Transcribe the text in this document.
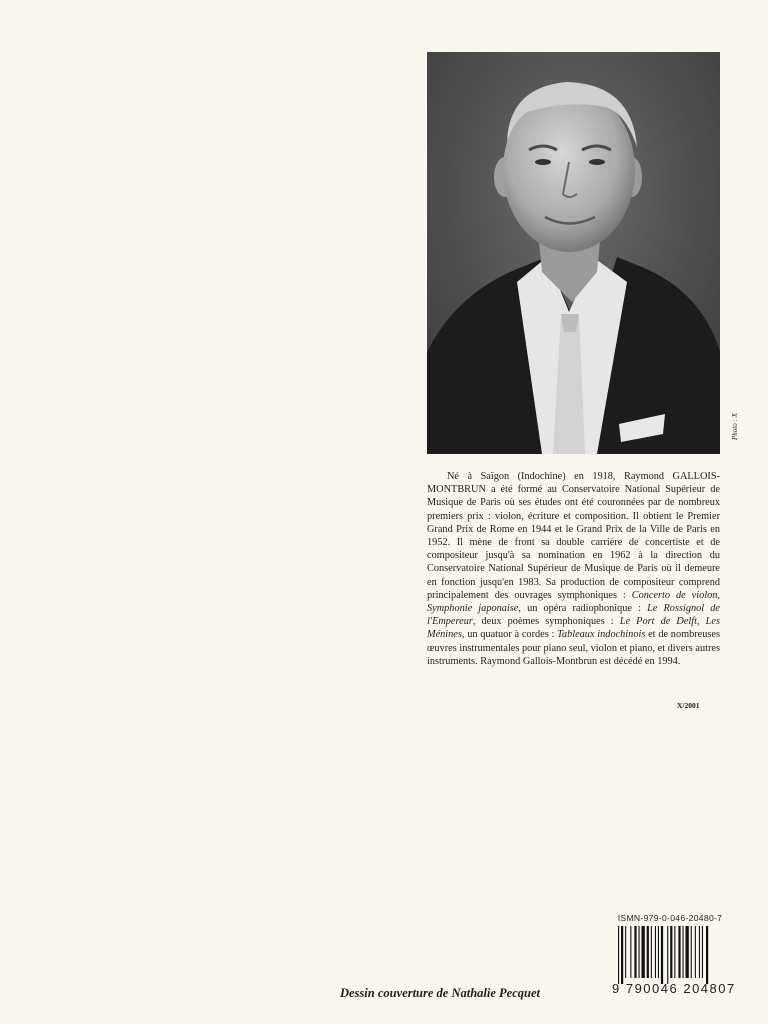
Photo : X

Né à Saïgon (Indochine) en 1918, Raymond GALLOIS-MONTBRUN a été formé au Conservatoire National Supérieur de Musique de Paris où ses études ont été couronnées par de nombreux premiers prix : violon, écriture et composition. Il obtient le Premier Grand Prix de Rome en 1944 et le Grand Prix de la Ville de Paris en 1952. Il mène de front sa double carrière de concertiste et de compositeur jusqu'à sa nomination en 1962 à la direction du Conservatoire National Supérieur de Musique de Paris où il demeure en fonction jusqu'en 1983. Sa production de compositeur comprend principalement des ouvrages symphoniques : Concerto de violon, Symphonie japonaise, un opéra radiophonique : Le Rossignol de l'Empereur, deux poèmes symphoniques : Le Port de Delft, Les Ménines, un quatuor à cordes : Tableaux indochinois et de nombreuses œuvres instrumentales pour piano seul, violon et piano, et divers autres instruments. Raymond Gallois-Montbrun est décédé en 1994.

X/2001
ISMN-979-0-046-20480-7
9 790046 204807
Dessin couverture de Nathalie Pecquet
